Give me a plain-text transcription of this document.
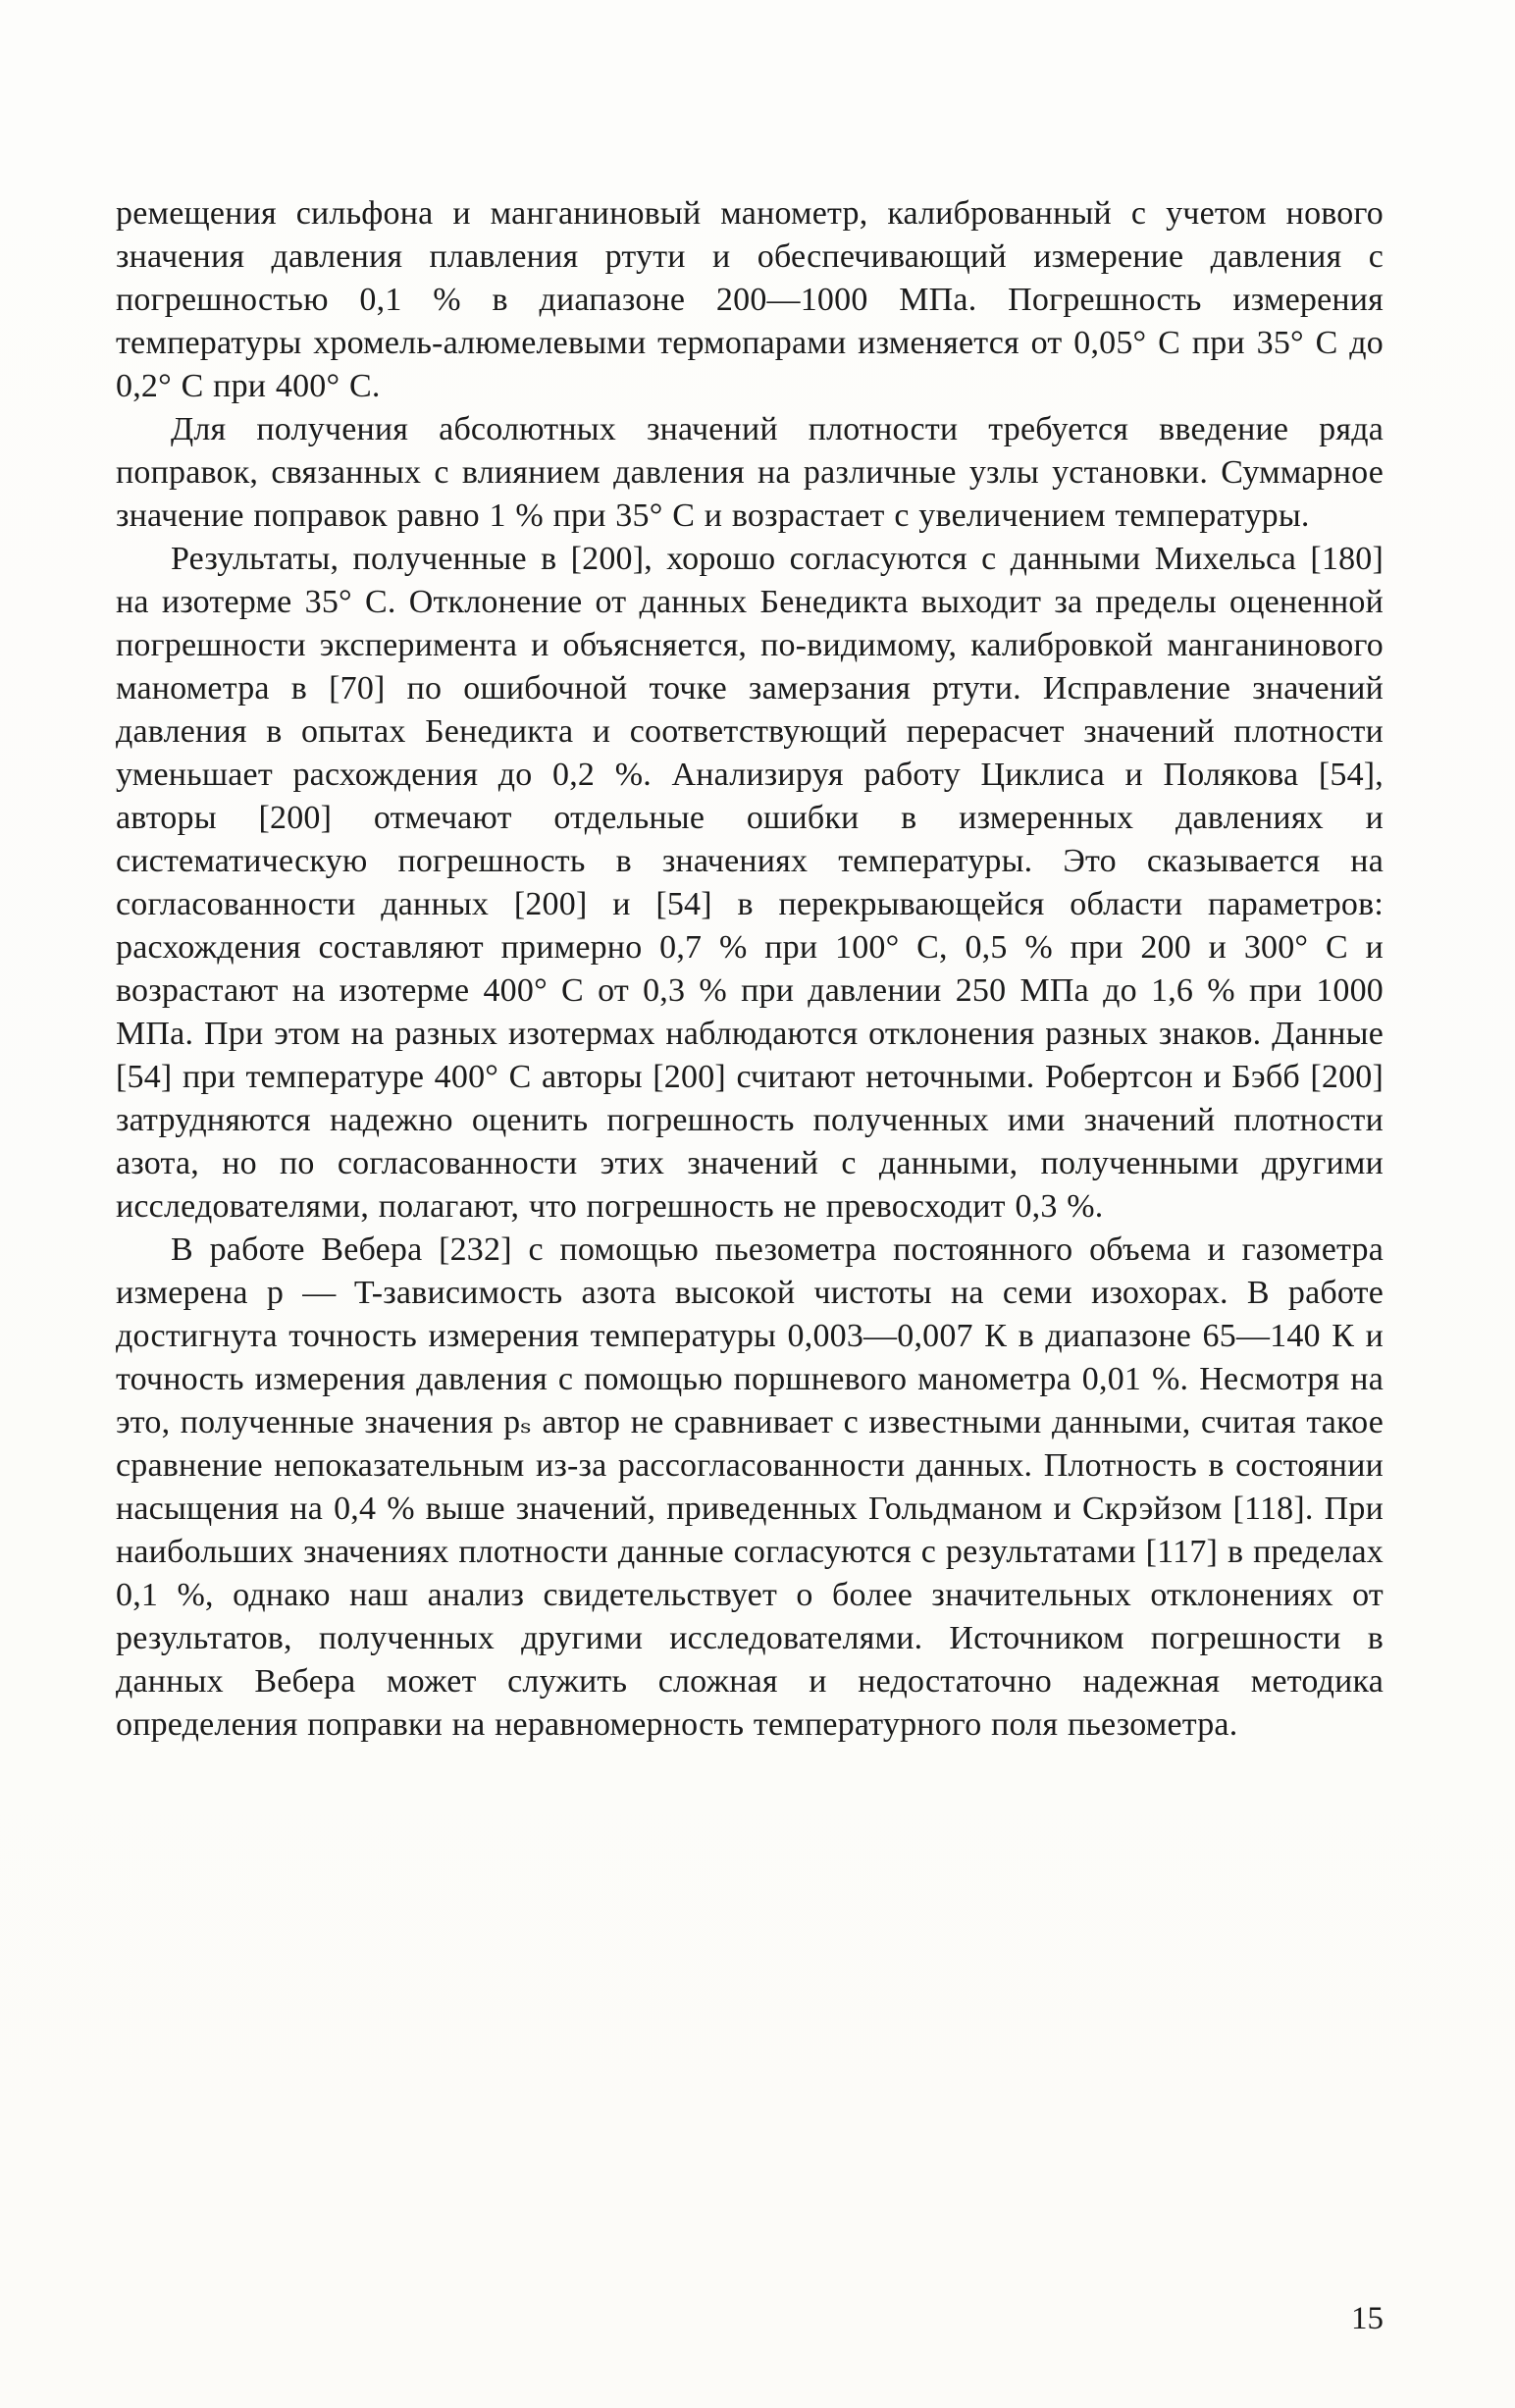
ремещения сильфона и манганиновый манометр, калиброванный с учетом нового значения давления плавления ртути и обеспечивающий измерение давления с погрешностью 0,1 % в диапазоне 200—1000 МПа. Погрешность измерения температуры хромель-алюмелевыми термопарами изменяется от 0,05° С при 35° С до 0,2° С при 400° С.

Для получения абсолютных значений плотности требуется введение ряда поправок, связанных с влиянием давления на различные узлы установки. Суммарное значение поправок равно 1 % при 35° С и возрастает с увеличением температуры.

Результаты, полученные в [200], хорошо согласуются с данными Михельса [180] на изотерме 35° С. Отклонение от данных Бенедикта выходит за пределы оцененной погрешности эксперимента и объясняется, по-видимому, калибровкой манганинового манометра в [70] по ошибочной точке замерзания ртути. Исправление значений давления в опытах Бенедикта и соответствующий перерасчет значений плотности уменьшает расхождения до 0,2 %. Анализируя работу Циклиса и Полякова [54], авторы [200] отмечают отдельные ошибки в измеренных давлениях и систематическую погрешность в значениях температуры. Это сказывается на согласованности данных [200] и [54] в перекрывающейся области параметров: расхождения составляют примерно 0,7 % при 100° С, 0,5 % при 200 и 300° С и возрастают на изотерме 400° С от 0,3 % при давлении 250 МПа до 1,6 % при 1000 МПа. При этом на разных изотермах наблюдаются отклонения разных знаков. Данные [54] при температуре 400° С авторы [200] считают неточными. Робертсон и Бэбб [200] затрудняются надежно оценить погрешность полученных ими значений плотности азота, но по согласованности этих значений с данными, полученными другими исследователями, полагают, что погрешность не превосходит 0,3 %.

В работе Вебера [232] с помощью пьезометра постоянного объема и газометра измерена p — T-зависимость азота высокой чистоты на семи изохорах. В работе достигнута точность измерения температуры 0,003—0,007 К в диапазоне 65—140 К и точность измерения давления с помощью поршневого манометра 0,01 %. Несмотря на это, полученные значения pₛ автор не сравнивает с известными данными, считая такое сравнение непоказательным из-за рассогласованности данных. Плотность в состоянии насыщения на 0,4 % выше значений, приведенных Гольдманом и Скрэйзом [118]. При наибольших значениях плотности данные согласуются с результатами [117] в пределах 0,1 %, однако наш анализ свидетельствует о более значительных отклонениях от результатов, полученных другими исследователями. Источником погрешности в данных Вебера может служить сложная и недостаточно надежная методика определения поправки на неравномерность температурного поля пьезометра.

15
